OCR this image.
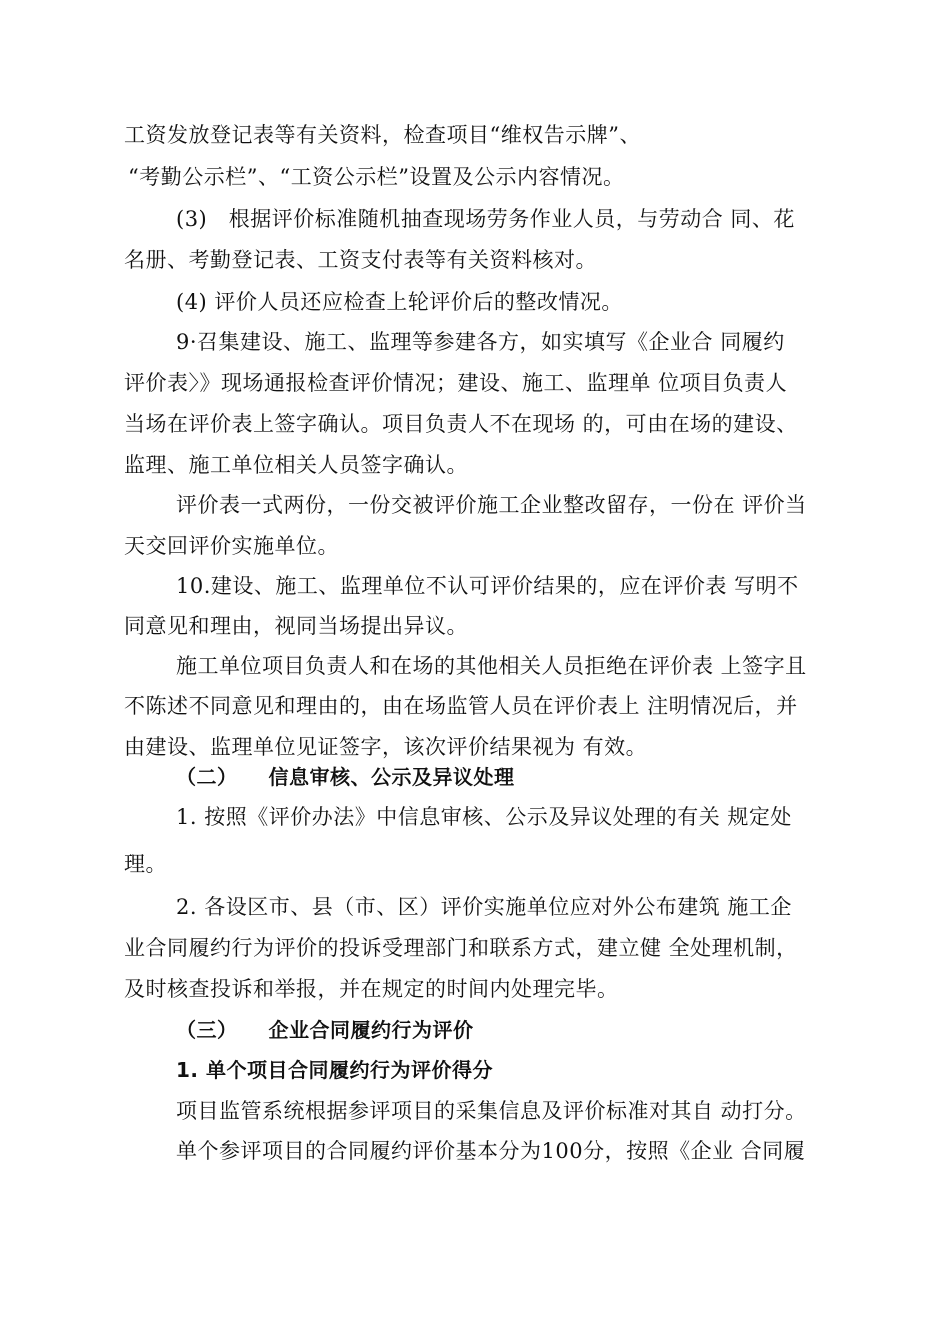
工资发放登记表等有关资料，检查项目“维权告示牌”、
“考勤公示栏”、“工资公示栏”设置及公示内容情况。
(3)　根据评价标准随机抽查现场劳务作业人员，与劳动合 同、花
名册、考勤登记表、工资支付表等有关资料核对。
(4) 评价人员还应检查上轮评价后的整改情况。
9·召集建设、施工、监理等参建各方，如实填写《企业合 同履约
评价表〉》现场通报检查评价情况；建设、施工、监理单 位项目负责人
当场在评价表上签字确认。项目负责人不在现场 的，可由在场的建设、
监理、施工单位相关人员签字确认。
评价表一式两份，一份交被评价施工企业整改留存，一份在 评价当
天交回评价实施单位。
10.建设、施工、监理单位不认可评价结果的，应在评价表 写明不
同意见和理由，视同当场提出异议。
施工单位项目负责人和在场的其他相关人员拒绝在评价表 上签字且
不陈述不同意见和理由的，由在场监管人员在评价表上 注明情况后，并
由建设、监理单位见证签字，该次评价结果视为 有效。
（二）　　信息审核、公示及异议处理
1. 按照《评价办法》中信息审核、公示及异议处理的有关 规定处
理。
2. 各设区市、县（市、区）评价实施单位应对外公布建筑 施工企
业合同履约行为评价的投诉受理部门和联系方式，建立健 全处理机制，
及时核查投诉和举报，并在规定的时间内处理完毕。
（三）　　企业合同履约行为评价
1. 单个项目合同履约行为评价得分
项目监管系统根据参评项目的采集信息及评价标准对其自 动打分。
单个参评项目的合同履约评价基本分为100分，按照《企业 合同履
